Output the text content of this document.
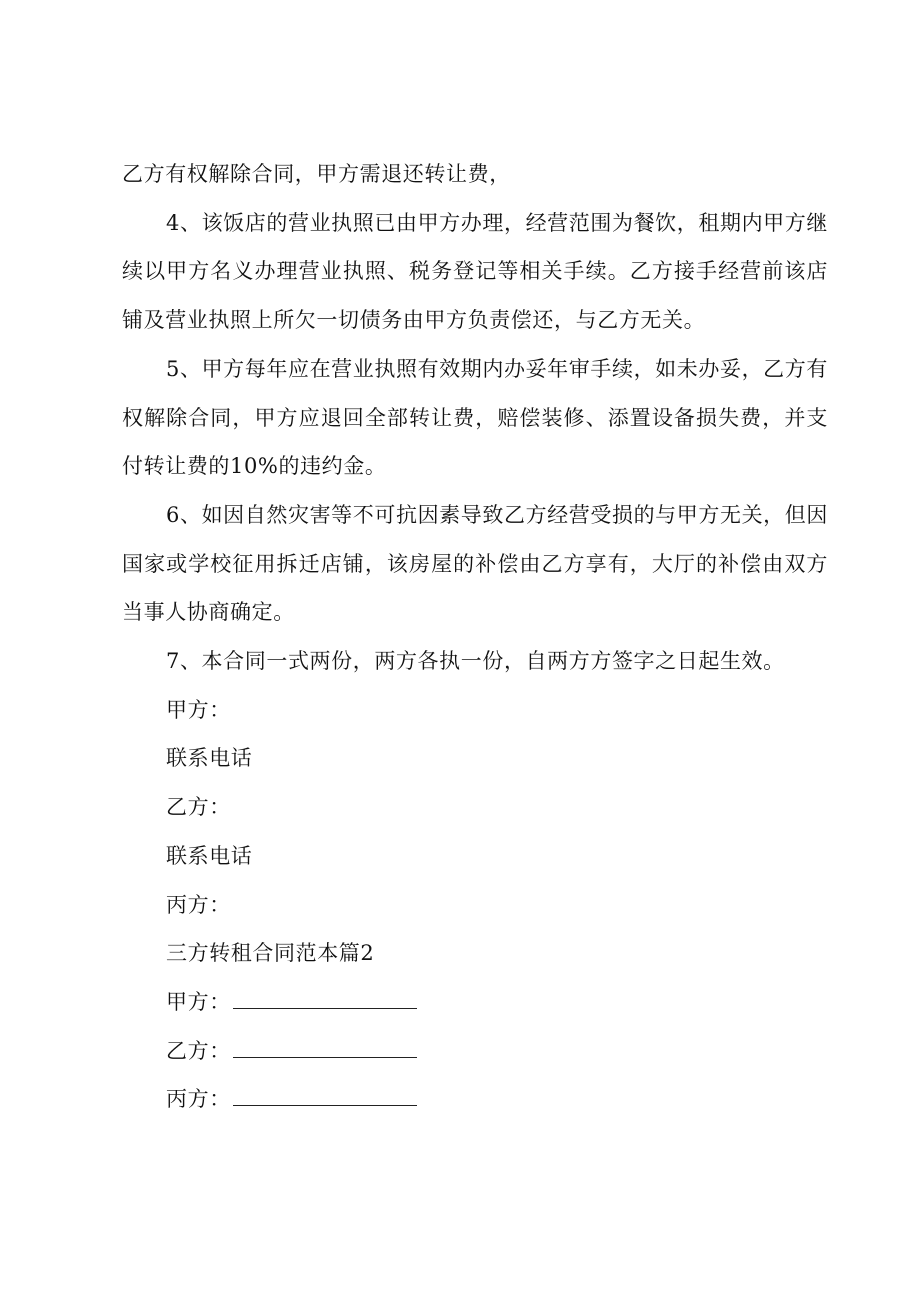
乙方有权解除合同，甲方需退还转让费，

4、该饭店的营业执照已由甲方办理，经营范围为餐饮，租期内甲方继续以甲方名义办理营业执照、税务登记等相关手续。乙方接手经营前该店铺及营业执照上所欠一切债务由甲方负责偿还，与乙方无关。

5、甲方每年应在营业执照有效期内办妥年审手续，如未办妥，乙方有权解除合同，甲方应退回全部转让费，赔偿装修、添置设备损失费，并支付转让费的10%的违约金。

6、如因自然灾害等不可抗因素导致乙方经营受损的与甲方无关，但因国家或学校征用拆迁店铺，该房屋的补偿由乙方享有，大厅的补偿由双方当事人协商确定。

7、本合同一式两份，两方各执一份，自两方方签字之日起生效。

甲方：

联系电话

乙方：

联系电话

丙方：

三方转租合同范本篇2

甲方：

乙方：

丙方：
